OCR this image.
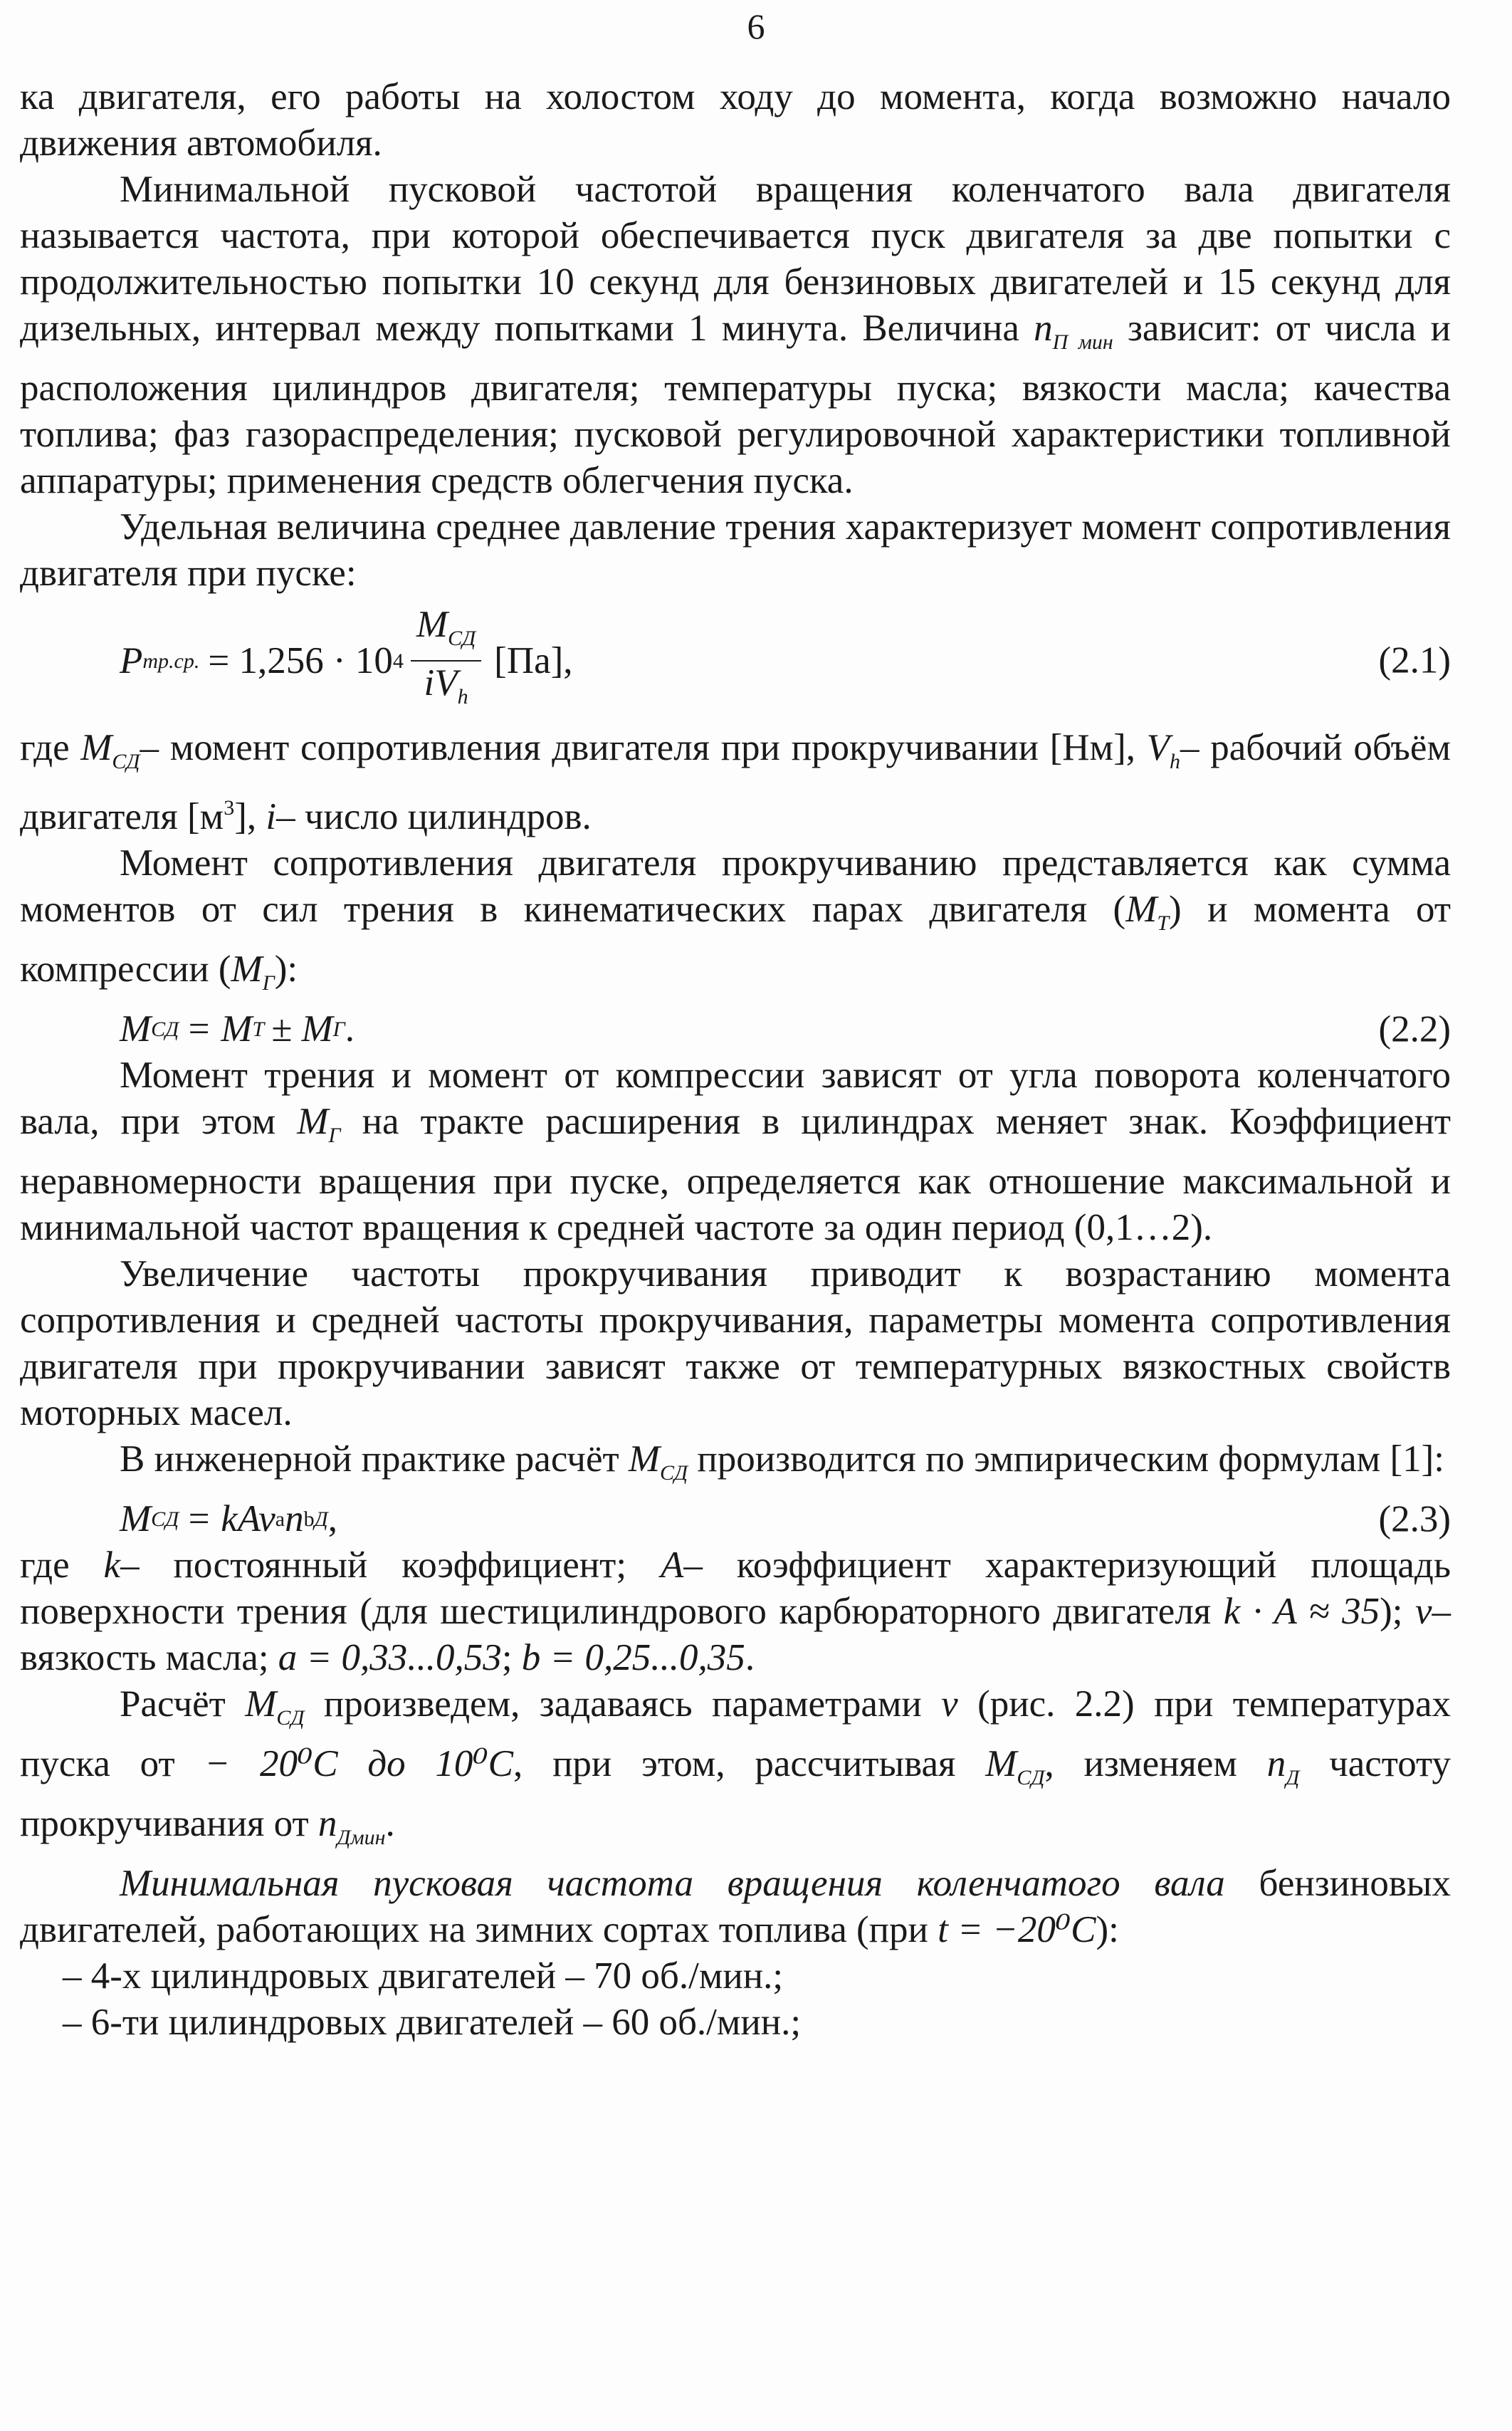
6

ка двигателя, его работы на холостом ходу до момента, когда возможно начало движения автомобиля.

Минимальной пусковой частотой вращения коленчатого вала двигателя называется частота, при которой обеспечивается пуск двигателя за две попытки с продолжительностью попытки 10 секунд для бензиновых двигателей и 15 секунд для дизельных, интервал между попытками 1 минута. Величина $n_{П мин}$ зависит: от числа и расположения цилиндров двигателя; температуры пуска; вязкости масла; качества топлива; фаз газораспределения; пусковой регулировочной характеристики топливной аппаратуры; применения средств облегчения пуска.

Удельная величина среднее давление трения характеризует момент сопротивления двигателя при пуске:

P тр.ср. = 1,256 · 10 $4 \frac{M_{СД}}{iV_h} [Па]$,	(2.1)

где $M_{СД}-$ момент сопротивления двигателя при прокручивании [Нм], $V_h-$ рабочий объём двигателя $[м^3]$, i– число цилиндров.

Момент сопротивления двигателя прокручиванию представляется как сумма моментов от сил трения в кинематических парах двигателя $(M_Т)$ и момента от компрессии $(M_Г)$:

M СД = M Т ± M Г .	(2.2)

Момент трения и момент от компрессии зависят от угла поворота коленчатого вала, при этом $M_Г$ на тракте расширения в цилиндрах меняет знак. Коэффициент неравномерности вращения при пуске, определяется как отношение максимальной и минимальной частот вращения к средней частоте за один период (0,1…2).

Увеличение частоты прокручивания приводит к возрастанию момента сопротивления и средней частоты прокручивания, параметры момента сопротивления двигателя при прокручивании зависят также от температурных вязкостных свойств моторных масел.

В инженерной практике расчёт $M_{СД}$ производится по эмпирическим формулам [1]:

M СД = kAv a n b Д ,	(2.3)

где k– постоянный коэффициент; A– коэффициент характеризующий площадь поверхности трения (для шестицилиндрового карбюраторного двигателя k · A ≈ 35); v– вязкость масла; a = 0,33...0,53; b = 0,25...0,35.

Расчёт $M_{СД}$ произведем, задаваясь параметрами v (рис. 2.2) при температурах пуска от − 20⁰C до 10⁰C, при этом, рассчитывая $M_{СД}$, изменяем $n_Д$ частоту прокручивания от $n_{Дмин}$.

Минимальная пусковая частота вращения коленчатого вала бензиновых двигателей, работающих на зимних сортах топлива (при t = −20⁰C):

– 4-х цилиндровых двигателей – 70 об./мин.;

– 6-ти цилиндровых двигателей – 60 об./мин.;
